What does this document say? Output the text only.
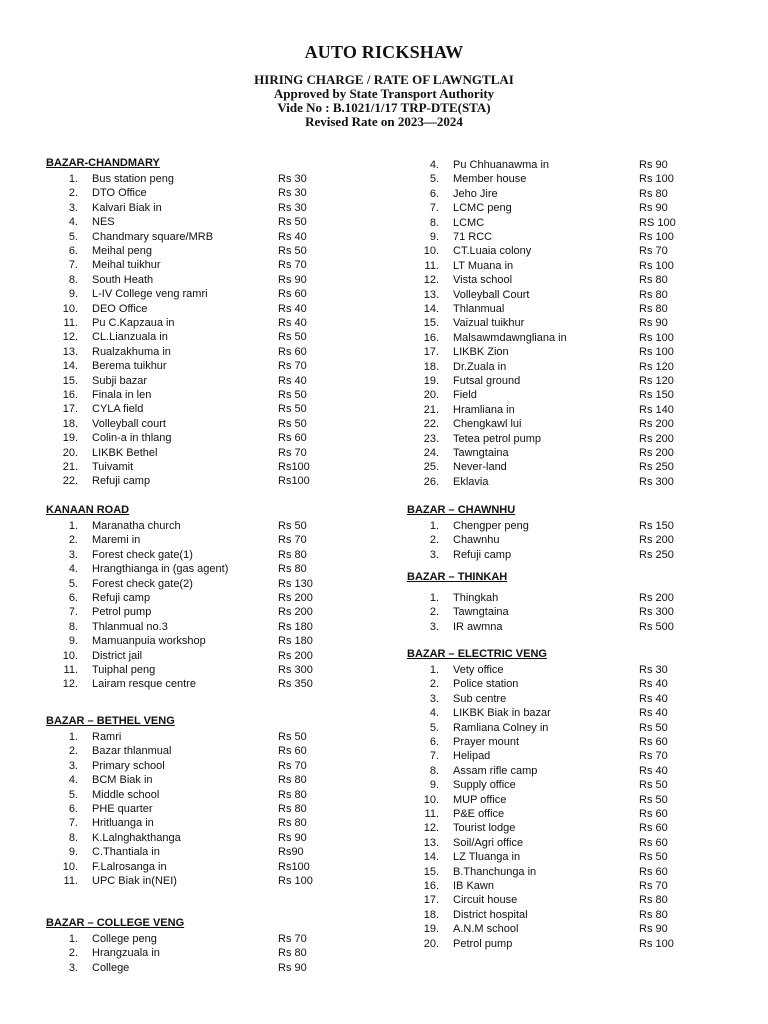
AUTO RICKSHAW
HIRING CHARGE / RATE OF LAWNGTLAI
Approved by State Transport Authority
Vide No : B.1021/1/17 TRP-DTE(STA)
Revised Rate on 2023—2024
BAZAR-CHANDMARY
1. Bus station peng	Rs 30
2. DTO Office	Rs 30
3. Kalvari Biak in	Rs 30
4. NES	Rs 50
5. Chandmary square/MRB	Rs 40
6. Meihal peng	Rs 50
7. Meihal tuikhur	Rs 70
8. South Heath	Rs 90
9. L-IV College veng ramri	Rs 60
10. DEO Office	Rs 40
11. Pu C.Kapzaua in	Rs 40
12. CL.Lianzuala in	Rs 50
13. Rualzakhuma in	Rs 60
14. Berema tuikhur	Rs 70
15. Subji bazar	Rs 40
16. Finala in len	Rs 50
17. CYLA field	Rs 50
18. Volleyball court	Rs 50
19. Colin-a in thlang	Rs 60
20. LIKBK Bethel	Rs 70
21. Tuivamit	Rs100
22. Refuji camp	Rs100
KANAAN ROAD
1. Maranatha church	Rs 50
2. Maremi in	Rs 70
3. Forest check gate(1)	Rs 80
4. Hrangthianga in (gas agent)	Rs 80
5. Forest check gate(2)	Rs 130
6. Refuji camp	Rs 200
7. Petrol pump	Rs 200
8. Thlanmual no.3	Rs 180
9. Mamuanpuia workshop	Rs 180
10. District jail	Rs 200
11. Tuiphal peng	Rs 300
12. Lairam resque centre	Rs 350
BAZAR – BETHEL VENG
1. Ramri	Rs 50
2. Bazar thlanmual	Rs 60
3. Primary school	Rs 70
4. BCM Biak in	Rs 80
5. Middle school	Rs 80
6. PHE quarter	Rs 80
7. Hritluanga in	Rs 80
8. K.Lalnghakthanga	Rs 90
9. C.Thantiala in	Rs90
10. F.Lalrosanga in	Rs100
11. UPC Biak in(NEI)	Rs 100
BAZAR – COLLEGE VENG
1. College peng	Rs 70
2. Hrangzuala in	Rs 80
3. College	Rs 90
4. Pu Chhuanawma in	Rs 90
5. Member house	Rs 100
6. Jeho Jire	Rs 80
7. LCMC peng	Rs 90
8. LCMC	RS 100
9. 71 RCC	Rs 100
10. CT.Luaia colony	Rs 70
11. LT Muana in	Rs 100
12. Vista school	Rs 80
13. Volleyball Court	Rs 80
14. Thlanmual	Rs 80
15. Vaizual tuikhur	Rs 90
16. Malsawmdawngliana in	Rs 100
17. LIKBK Zion	Rs 100
18. Dr.Zuala in	Rs 120
19. Futsal ground	Rs 120
20. Field	Rs 150
21. Hramliana in	Rs 140
22. Chengkawl lui	Rs 200
23. Tetea petrol pump	Rs 200
24. Tawngtaina	Rs 200
25. Never-land	Rs 250
26. Eklavia	Rs 300
BAZAR – CHAWNHU
1. Chengper peng	Rs 150
2. Chawnhu	Rs 200
3. Refuji camp	Rs 250
BAZAR – THINKAH
1. Thingkah	Rs 200
2. Tawngtaina	Rs 300
3. IR awmna	Rs 500
BAZAR – ELECTRIC VENG
1. Vety office	Rs 30
2. Police station	Rs 40
3. Sub centre	Rs 40
4. LIKBK Biak in bazar	Rs 40
5. Ramliana Colney in	Rs 50
6. Prayer mount	Rs 60
7. Helipad	Rs 70
8. Assam rifle camp	Rs 40
9. Supply office	Rs 50
10. MUP office	Rs 50
11. P&E office	Rs 60
12. Tourist lodge	Rs 60
13. Soil/Agri office	Rs 60
14. LZ Tluanga in	Rs 50
15. B.Thanchunga in	Rs 60
16. IB Kawn	Rs 70
17. Circuit house	Rs 80
18. District hospital	Rs 80
19. A.N.M school	Rs 90
20. Petrol pump	Rs 100
